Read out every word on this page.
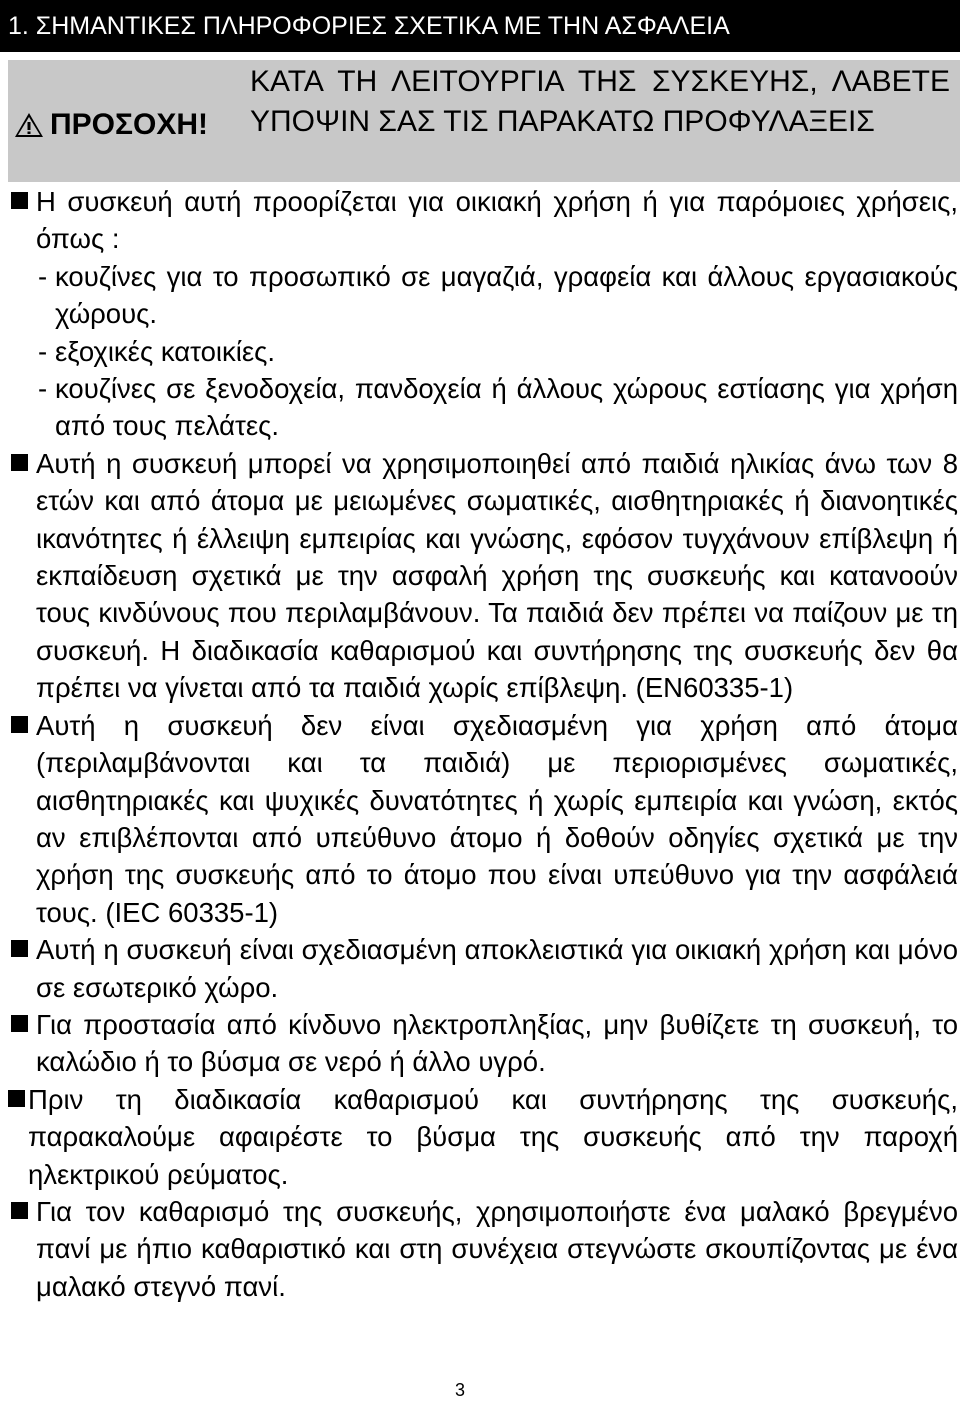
1. ΣΗΜΑΝΤΙΚΕΣ ΠΛΗΡΟΦΟΡΙΕΣ ΣΧΕΤΙΚΑ ΜΕ ΤΗΝ ΑΣΦΑΛΕΙΑ
ΠΡΟΣΟΧΗ!
ΚΑΤΑ ΤΗ ΛΕΙΤΟΥΡΓΙΑ ΤΗΣ ΣΥΣΚΕΥΗΣ, ΛΑΒΕΤΕ ΥΠΟΨΙΝ ΣΑΣ ΤΙΣ ΠΑΡΑΚΑΤΩ ΠΡΟΦΥΛΑΞΕΙΣ
Η συσκευή αυτή προορίζεται για οικιακή χρήση ή για παρόμοιες χρήσεις, όπως :
- κουζίνες για το προσωπικό σε μαγαζιά, γραφεία και άλλους εργασιακούς χώρους.
- εξοχικές κατοικίες.
- κουζίνες σε ξενοδοχεία, πανδοχεία ή άλλους χώρους εστίασης για χρήση από τους πελάτες.
Αυτή η συσκευή μπορεί να χρησιμοποιηθεί από παιδιά ηλικίας άνω των 8 ετών και από άτομα με μειωμένες σωματικές, αισθητηριακές ή διανοητικές ικανότητες ή έλλειψη εμπειρίας και γνώσης, εφόσον τυγχάνουν επίβλεψη ή εκπαίδευση σχετικά με την ασφαλή χρήση της συσκευής και κατανοούν τους κινδύνους που περιλαμβάνουν. Τα παιδιά δεν πρέπει να παίζουν με τη συσκευή. Η διαδικασία καθαρισμού και συντήρησης της συσκευής δεν θα πρέπει να γίνεται από τα παιδιά χωρίς επίβλεψη. (EN60335-1)
Αυτή η συσκευή δεν είναι σχεδιασμένη για χρήση από άτομα (περιλαμβάνονται και τα παιδιά) με περιορισμένες σωματικές, αισθητηριακές και ψυχικές δυνατότητες ή χωρίς εμπειρία και γνώση, εκτός αν επιβλέπονται από υπεύθυνο άτομο ή δοθούν οδηγίες σχετικά με την χρήση της συσκευής από το άτομο που είναι υπεύθυνο για την ασφάλειά τους. (IEC 60335-1)
Αυτή η συσκευή είναι σχεδιασμένη αποκλειστικά για οικιακή χρήση και μόνο σε εσωτερικό χώρο.
Για προστασία από κίνδυνο ηλεκτροπληξίας, μην βυθίζετε τη συσκευή, το καλώδιο ή το βύσμα σε νερό ή άλλο υγρό.
Πριν τη διαδικασία καθαρισμού και συντήρησης της συσκευής, παρακαλούμε αφαιρέστε το βύσμα της συσκευής από την παροχή ηλεκτρικού ρεύματος.
Για τον καθαρισμό της συσκευής, χρησιμοποιήστε ένα μαλακό βρεγμένο πανί με ήπιο καθαριστικό και στη συνέχεια στεγνώστε σκουπίζοντας με ένα μαλακό στεγνό πανί.
3
